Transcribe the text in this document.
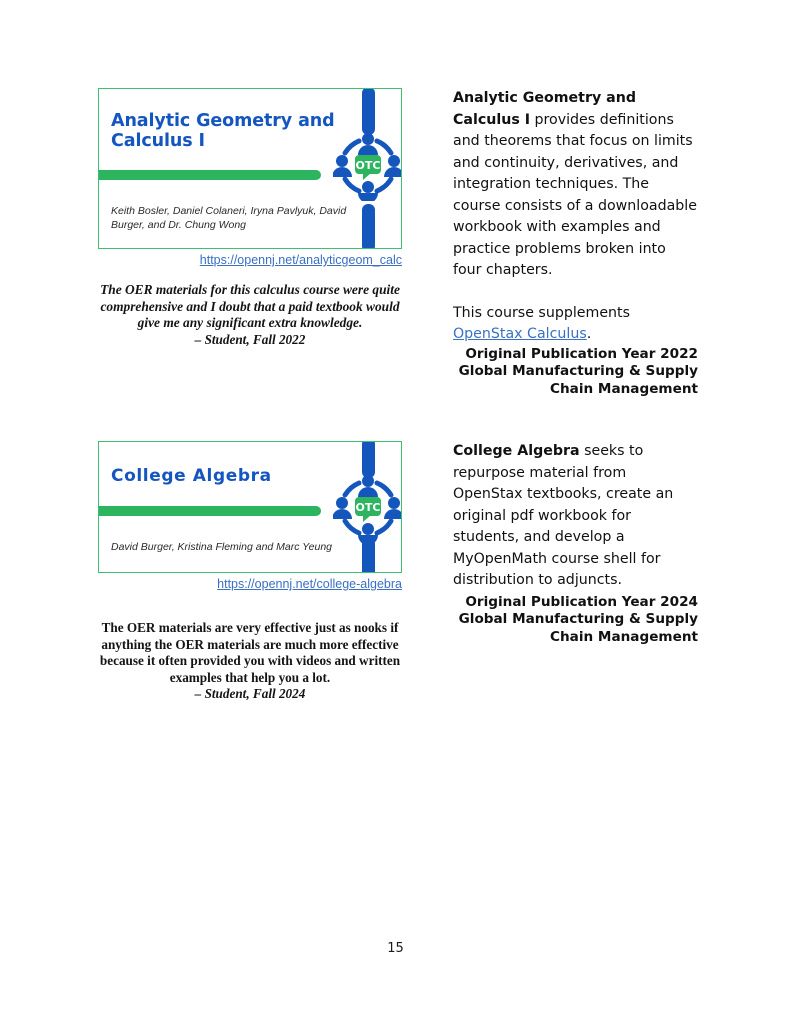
Analytic Geometry and Calculus I
Keith Bosler, Daniel Colaneri, Iryna Pavlyuk, David Burger, and Dr. Chung Wong
OTC
https://opennj.net/analyticgeom_calc
The OER materials for this calculus course were quite comprehensive and I doubt that a paid textbook would give me any significant extra knowledge.
– Student, Fall 2022

Analytic Geometry and Calculus I provides definitions and theorems that focus on limits and continuity, derivatives, and integration techniques. The course consists of a downloadable workbook with examples and practice problems broken into four chapters.

This course supplements OpenStax Calculus.

Original Publication Year 2022
Global Manufacturing & Supply Chain Management
College Algebra
David Burger, Kristina Fleming and Marc Yeung
OTC
https://opennj.net/college-algebra
The OER materials are very effective just as nooks if anything the OER materials are much more effective because it often provided you with videos and written examples that help you a lot.
– Student, Fall 2024

College Algebra seeks to repurpose material from OpenStax textbooks, create an original pdf workbook for students, and develop a MyOpenMath course shell for distribution to adjuncts.

Original Publication Year 2024
Global Manufacturing & Supply Chain Management
15
